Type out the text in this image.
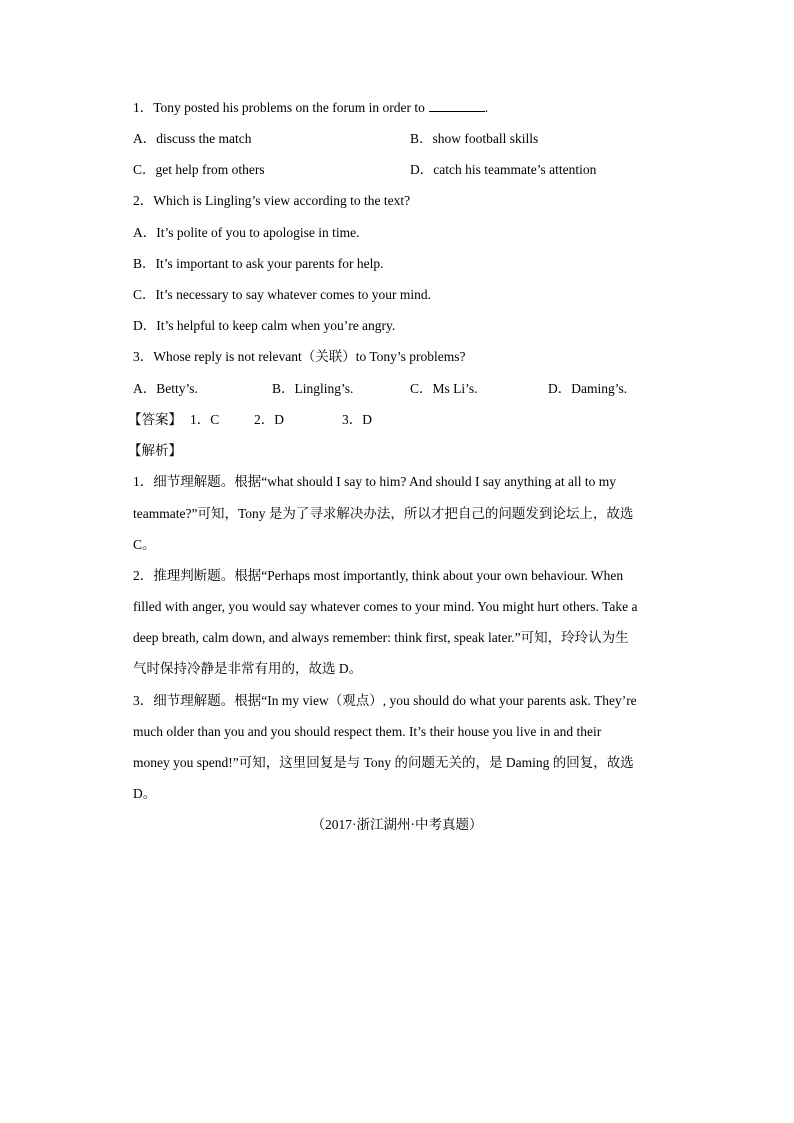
1．Tony posted his problems on the forum in order to	.
A．discuss the match	B．show football skills
C．get help from others	D．catch his teammate’s attention
2．Which is Lingling’s view according to the text?
A．It’s polite of you to apologise in time.
B．It’s important to ask your parents for help.
C．It’s necessary to say whatever comes to your mind.
D．It’s helpful to keep calm when you’re angry.
3．Whose reply is not relevant（关联）to Tony’s problems?
A．Betty’s.	B．Lingling’s.	C．Ms Li’s.	D．Daming’s.
【答案】 1．C	2．D	3．D
【解析】
1．细节理解题。根据“what should I say to him? And should I say anything at all to my
teammate?”可知，Tony 是为了寻求解决办法，所以才把自己的问题发到论坛上，故选
C。
2．推理判断题。根据“Perhaps most importantly, think about your own behaviour. When
filled with anger, you would say whatever comes to your mind. You might hurt others. Take a
deep breath, calm down, and always remember: think first, speak later.”可知，玲玲认为生
气时保持冷静是非常有用的，故选 D。
3．细节理解题。根据“In my view（观点）, you should do what your parents ask. They’re
much older than you and you should respect them. It’s their house you live in and their
money you spend!”可知，这里回复是与 Tony 的问题无关的，是 Daming 的回复，故选
D。
（2017·浙江湖州·中考真题）
